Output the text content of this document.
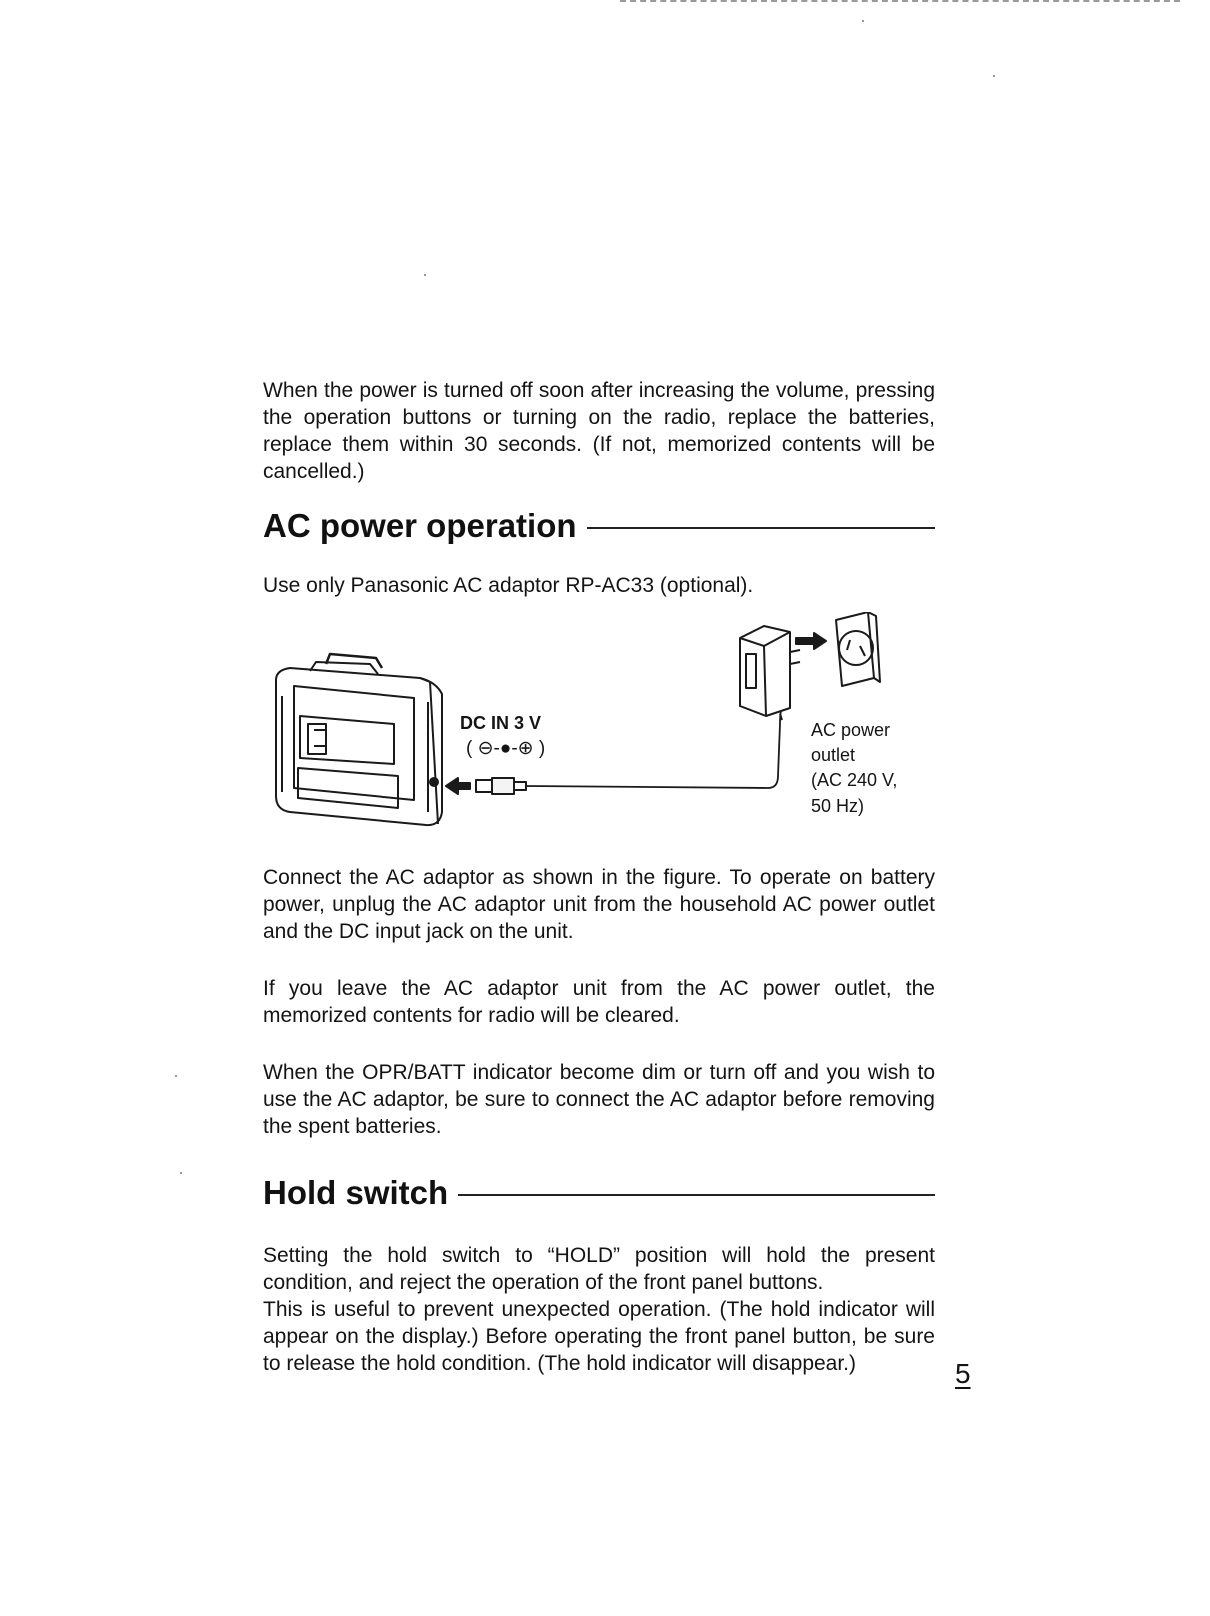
When the power is turned off soon after increasing the volume, pressing the operation buttons or turning on the radio, replace the batteries, replace them within 30 seconds. (If not, memorized contents will be cancelled.)

AC power operation

Use only Panasonic AC adaptor RP-AC33 (optional).

DC IN 3 V
( ⊖-●-⊕ )
AC power
outlet
(AC 240 V,
50 Hz)

Connect the AC adaptor as shown in the figure. To operate on battery power, unplug the AC adaptor unit from the household AC power outlet and the DC input jack on the unit.

If you leave the AC adaptor unit from the AC power outlet, the memorized contents for radio will be cleared.

When the OPR/BATT indicator become dim or turn off and you wish to use the AC adaptor, be sure to connect the AC adaptor before removing the spent batteries.

Hold switch

Setting the hold switch to “HOLD” position will hold the present condition, and reject the operation of the front panel buttons.

This is useful to prevent unexpected operation. (The hold indicator will appear on the display.) Before operating the front panel button, be sure to release the hold condition. (The hold indicator will disappear.)	5
